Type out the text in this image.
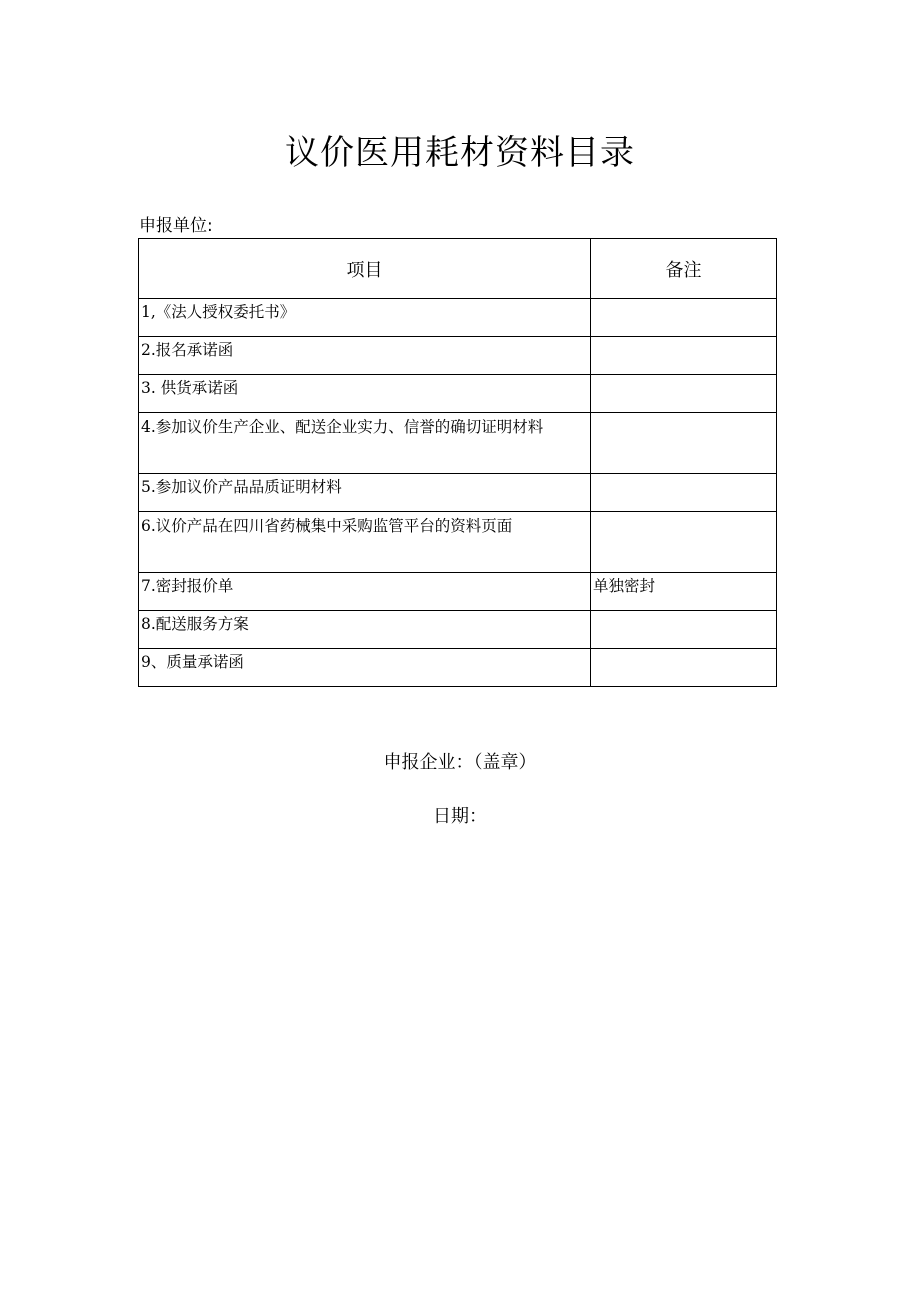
议价医用耗材资料目录
申报单位:
项目	备注
1,《法人授权委托书》	
2.报名承诺函	
3. 供货承诺函	
4.参加议价生产企业、配送企业实力、信誉的确切证明材料	
5.参加议价产品品质证明材料	
6.议价产品在四川省药械集中采购监管平台的资料页面	
7.密封报价单	单独密封
8.配送服务方案	
9、质量承诺函	
申报企业：（盖章）
日期：
